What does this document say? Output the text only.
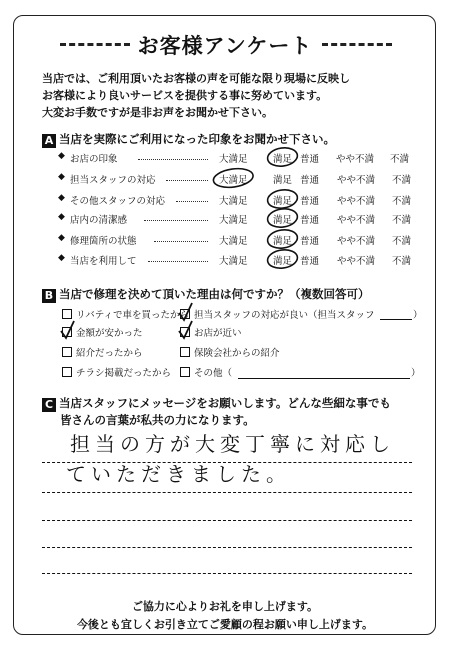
お客様アンケート
当店では、ご利用頂いたお客様の声を可能な限り現場に反映し
お客様により良いサービスを提供する事に努めています。
大変お手数ですが是非お声をお聞かせ下さい。
A 当店を実際にご利用になった印象をお聞かせ下さい。
◆ お店の印象	大満足	満足 普通 やや不満 不満
◆ 担当スタッフの対応	大満足	満足 普通 やや不満 不満
◆ その他スタッフの対応	大満足	満足 普通 やや不満 不満
◆ 店内の清潔感	大満足	満足 普通 やや不満 不満
◆ 修理箇所の状態	大満足	満足 普通 やや不満 不満
◆ 当店を利用して	大満足	満足 普通 やや不満 不満
B 当店で修理を決めて頂いた理由は何ですか？（複数回答可）
リバティで車を買ったから 担当スタッフの対応が良い（担当スタッフ	）
金額が安かった	お店が近い
紹介だったから	保険会社からの紹介
チラシ掲載だったから その他（	）
C 当店スタッフにメッセージをお願いします。どんな些細な事でも
皆さんの言葉が私共の力になります。
担当の方が大変丁寧に対応し
ていただきました。
ご協力に心よりお礼を申し上げます。
今後とも宜しくお引き立てご愛顧の程お願い申し上げます。
